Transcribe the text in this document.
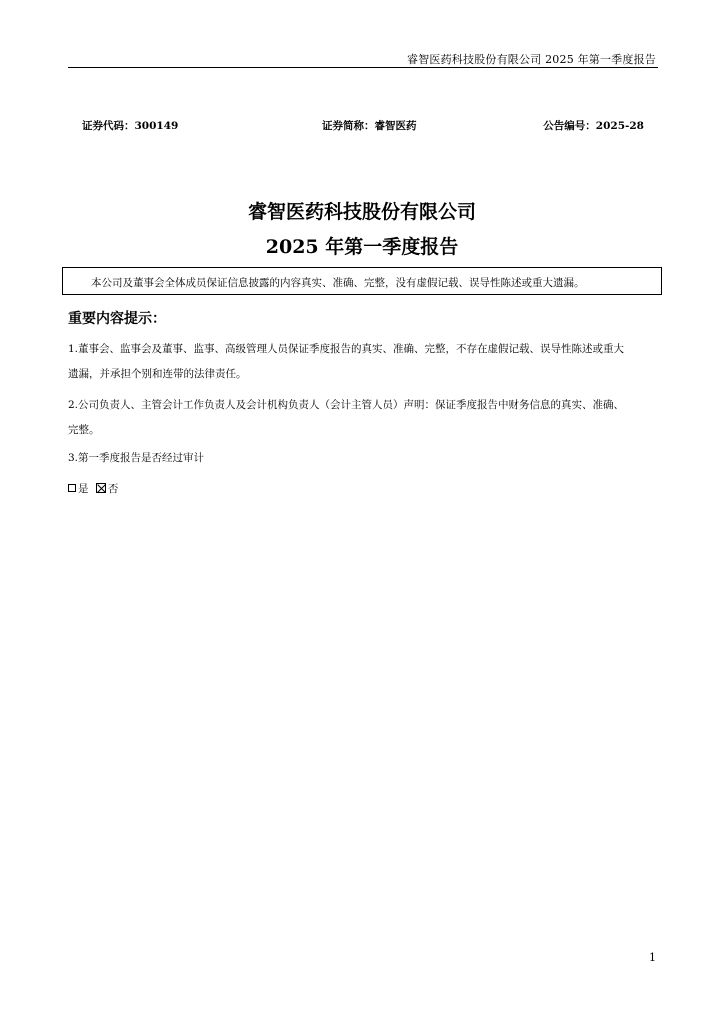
睿智医药科技股份有限公司 2025 年第一季度报告
证券代码：300149	证券简称：睿智医药	公告编号：2025-28
睿智医药科技股份有限公司
2025 年第一季度报告
本公司及董事会全体成员保证信息披露的内容真实、准确、完整，没有虚假记载、误导性陈述或重大遗漏。
重要内容提示：

1.董事会、监事会及董事、监事、高级管理人员保证季度报告的真实、准确、完整，不存在虚假记载、误导性陈述或重大
遗漏，并承担个别和连带的法律责任。

2.公司负责人、主管会计工作负责人及会计机构负责人（会计主管人员）声明：保证季度报告中财务信息的真实、准确、
完整。

3.第一季度报告是否经过审计

是 否

1
